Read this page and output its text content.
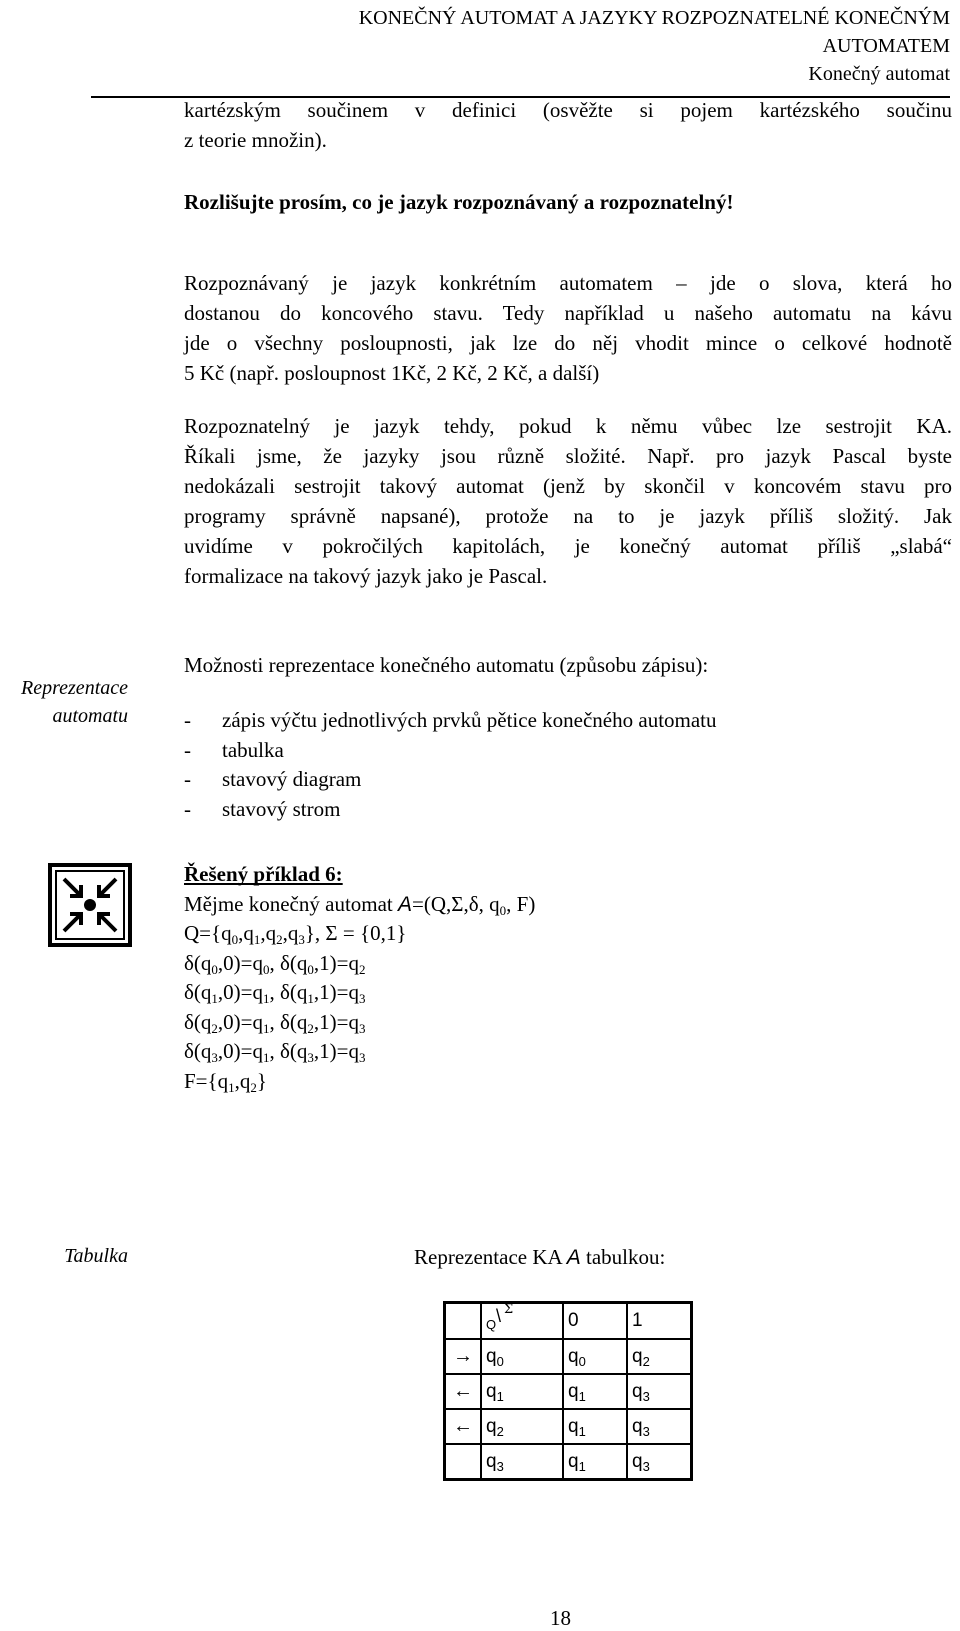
KONEČNÝ AUTOMAT A JAZYKY ROZPOZNATELNÉ KONEČNÝM
AUTOMATEM
Konečný automat
kartézským součinem v definici (osvěžte si pojem kartézského součinu
z teorie množin).
Rozlišujte prosím, co je jazyk rozpoznávaný a rozpoznatelný!
Rozpoznávaný je jazyk konkrétním automatem – jde o slova, která ho
dostanou do koncového stavu. Tedy například u našeho automatu na kávu
jde o všechny posloupnosti, jak lze do něj vhodit mince o celkové hodnotě
5 Kč (např. posloupnost 1Kč, 2 Kč, 2 Kč, a další)
Rozpoznatelný je jazyk tehdy, pokud k němu vůbec lze sestrojit KA.
Říkali jsme, že jazyky jsou různě složité. Např. pro jazyk Pascal byste
nedokázali sestrojit takový automat (jenž by skončil v koncovém stavu pro
programy správně napsané), protože na to je jazyk příliš složitý. Jak
uvidíme v pokročilých kapitolách, je konečný automat příliš „slabá“
formalizace na takový jazyk jako je Pascal.
Reprezentace
automatu
Možnosti reprezentace konečného automatu (způsobu zápisu):
- zápis výčtu jednotlivých prvků pětice konečného automatu
- tabulka
- stavový diagram
- stavový strom
Řešený příklad 6:
Mějme konečný automat A=(Q,Σ,δ, $q_0$, F)
$Q=\{q_0,q_1,q_2,q_3\}$, Σ = {0,1}
$\delta(q_0,0)=q_0$, $\delta(q_0,1)=q_2$
$\delta(q_1,0)=q_1$, $\delta(q_1,1)=q_3$
$\delta(q_2,0)=q_1$, $\delta(q_2,1)=q_3$
$\delta(q_3,0)=q_1$, $\delta(q_3,1)=q_3$
$F=\{q_1,q_2\}$
Tabulka	Reprezentace KA A tabulkou:

	Q \ Σ	0	1
→	$q_0$	$q_0$	$q_2$
←	$q_1$	$q_1$	$q_3$
←	$q_2$	$q_1$	$q_3$
	$q_3$	$q_1$	$q_3$
18
